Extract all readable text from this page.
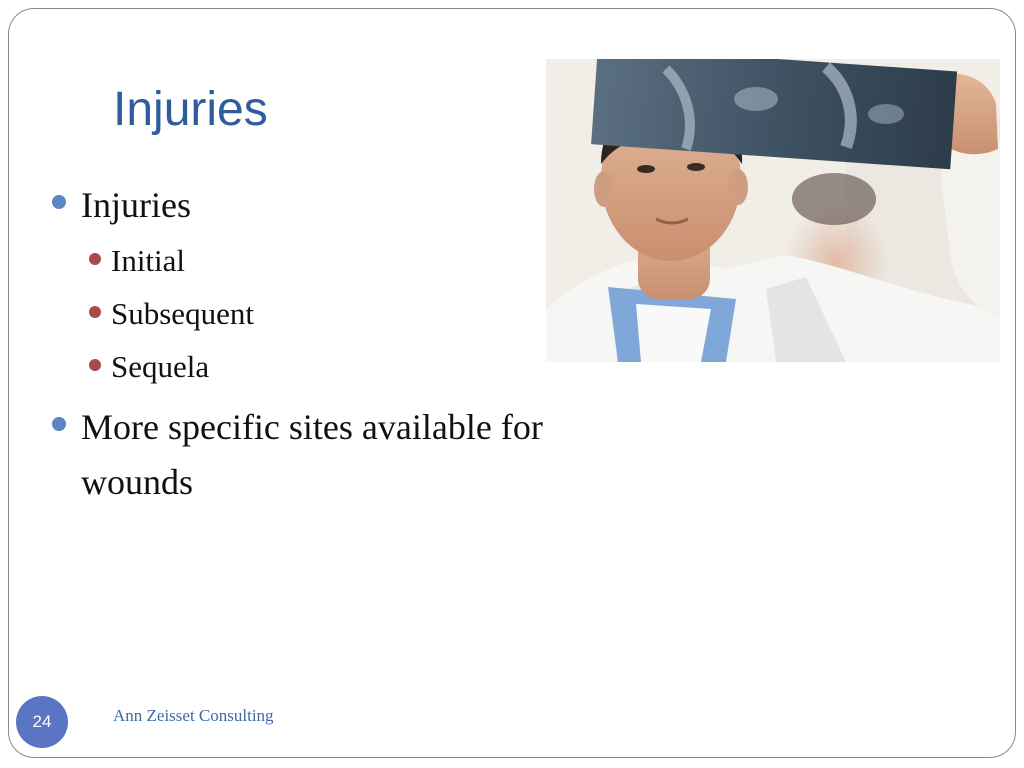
Injuries
Injuries
Initial
Subsequent
Sequela
More specific sites available for
wounds
24	Ann Zeisset Consulting
